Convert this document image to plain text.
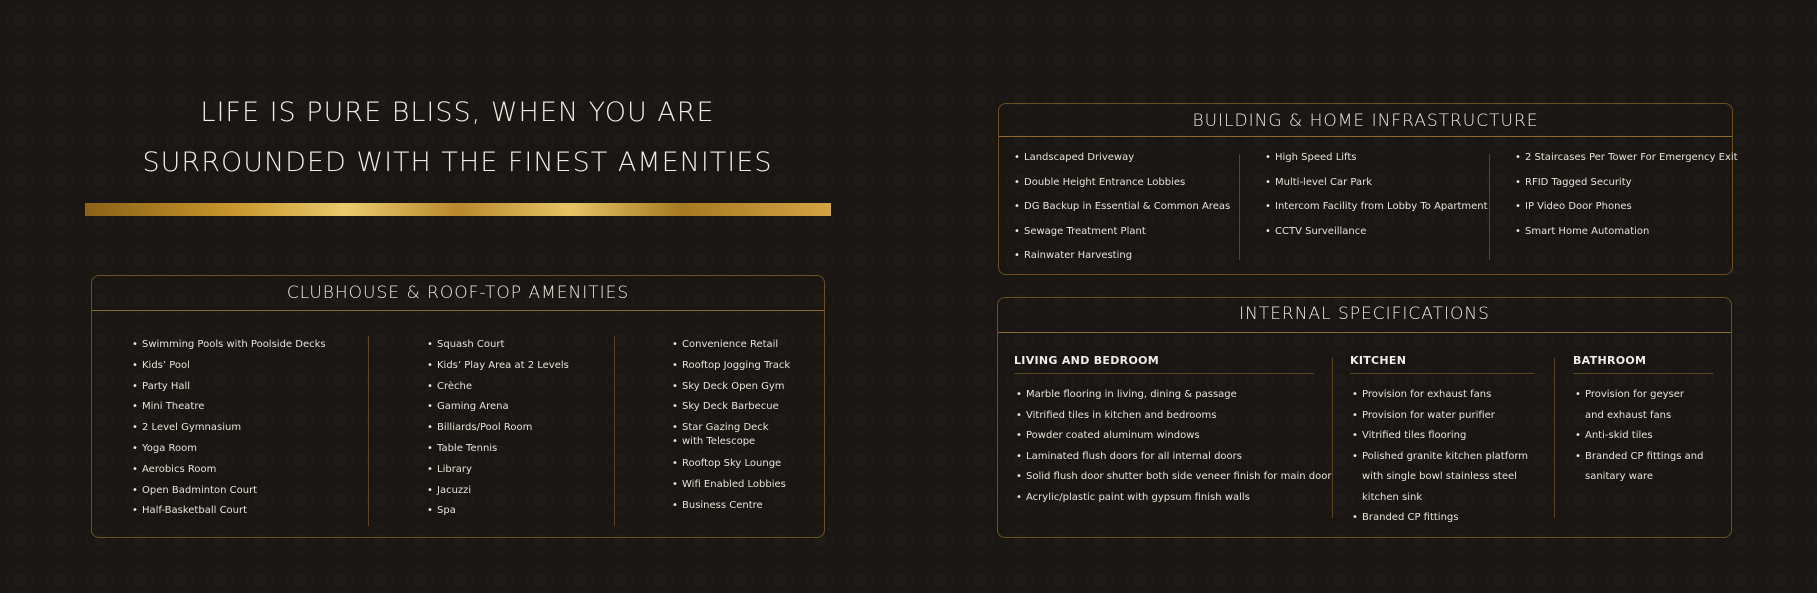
LIFE IS PURE BLISS, WHEN YOU ARE
SURROUNDED WITH THE FINEST AMENITIES
CLUBHOUSE & ROOF-TOP AMENITIES
• Swimming Pools with Poolside Decks
• Kids’ Pool
• Party Hall
• Mini Theatre
• 2 Level Gymnasium
• Yoga Room
• Aerobics Room
• Open Badminton Court
• Half-Basketball Court
• Squash Court
• Kids’ Play Area at 2 Levels
• Crèche
• Gaming Arena
• Billiards/Pool Room
• Table Tennis
• Library
• Jacuzzi
• Spa
• Convenience Retail
• Rooftop Jogging Track
• Sky Deck Open Gym
• Sky Deck Barbecue
• Star Gazing Deck
• with Telescope
• Rooftop Sky Lounge
• Wifi Enabled Lobbies
• Business Centre
BUILDING & HOME INFRASTRUCTURE
• Landscaped Driveway
• Double Height Entrance Lobbies
• DG Backup in Essential & Common Areas
• Sewage Treatment Plant
• Rainwater Harvesting
• High Speed Lifts
• Multi-level Car Park
• Intercom Facility from Lobby To Apartment
• CCTV Surveillance
• 2 Staircases Per Tower For Emergency Exit
• RFID Tagged Security
• IP Video Door Phones
• Smart Home Automation
INTERNAL SPECIFICATIONS
LIVING AND BEDROOM
• Marble flooring in living, dining & passage
• Vitrified tiles in kitchen and bedrooms
• Powder coated aluminum windows
• Laminated flush doors for all internal doors
• Solid flush door shutter both side veneer finish for main door
• Acrylic/plastic paint with gypsum finish walls
KITCHEN
• Provision for exhaust fans
• Provision for water purifier
• Vitrified tiles flooring
• Polished granite kitchen platform with single bowl stainless steel kitchen sink
• Branded CP fittings
BATHROOM
• Provision for geyser and exhaust fans
• Anti-skid tiles
• Branded CP fittings and sanitary ware
